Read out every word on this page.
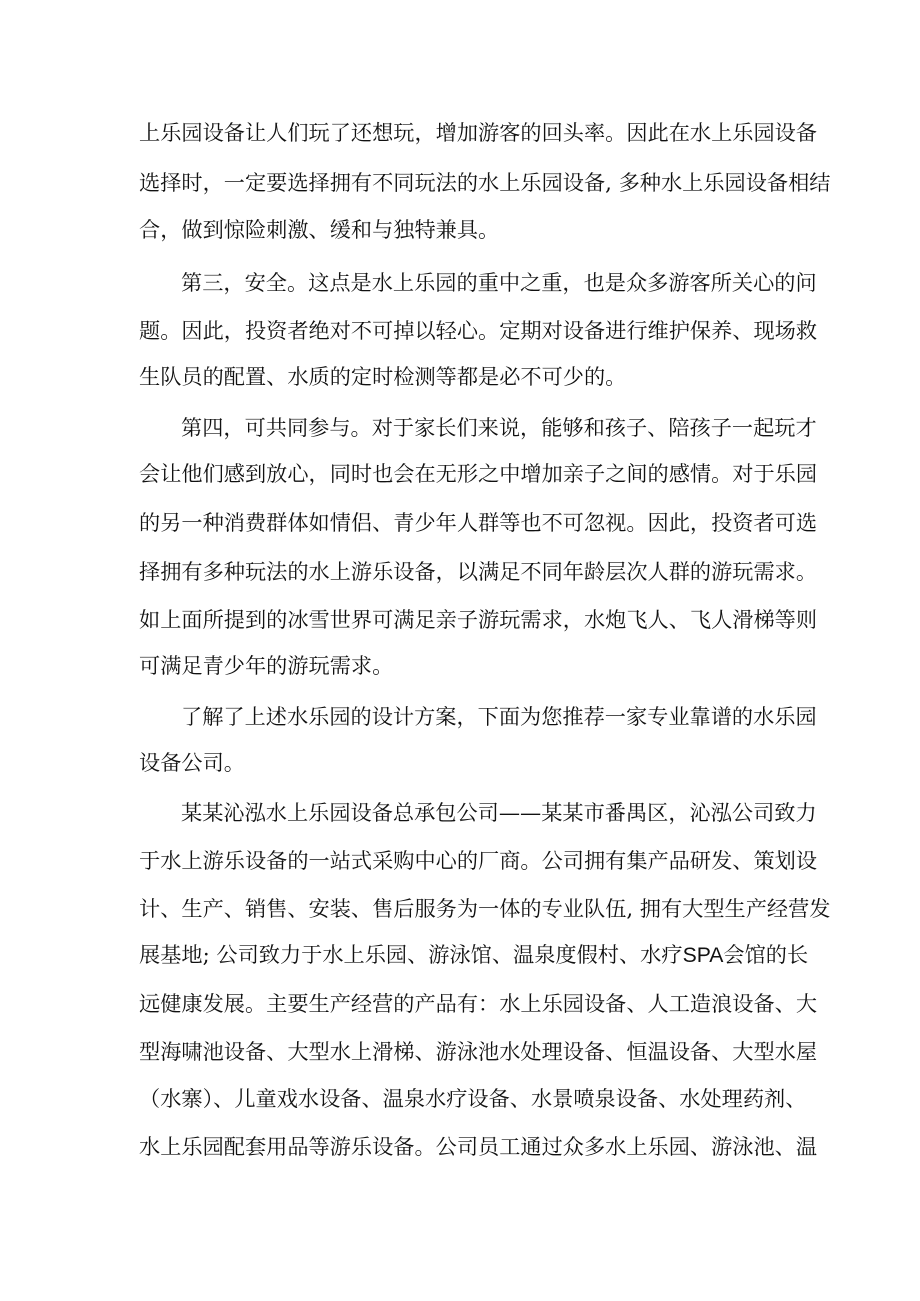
上乐园设备让人们玩了还想玩，增加游客的回头率。因此在水上乐园设备
选择时，一定要选择拥有不同玩法的水上乐园设备, 多种水上乐园设备相结
合，做到惊险刺激、缓和与独特兼具。
第三，安全。这点是水上乐园的重中之重，也是众多游客所关心的问
题。因此，投资者绝对不可掉以轻心。定期对设备进行维护保养、现场救
生队员的配置、水质的定时检测等都是必不可少的。
第四，可共同参与。对于家长们来说，能够和孩子、陪孩子一起玩才
会让他们感到放心，同时也会在无形之中增加亲子之间的感情。对于乐园
的另一种消费群体如情侣、青少年人群等也不可忽视。因此，投资者可选
择拥有多种玩法的水上游乐设备，以满足不同年龄层次人群的游玩需求。
如上面所提到的冰雪世界可满足亲子游玩需求，水炮飞人、飞人滑梯等则
可满足青少年的游玩需求。
了解了上述水乐园的设计方案，下面为您推荐一家专业靠谱的水乐园
设备公司。
某某沁泓水上乐园设备总承包公司——某某市番禺区，沁泓公司致力
于水上游乐设备的一站式采购中心的厂商。公司拥有集产品研发、策划设
计、生产、销售、安装、售后服务为一体的专业队伍, 拥有大型生产经营发
展基地; 公司致力于水上乐园、游泳馆、温泉度假村、水疗SPA会馆的长
远健康发展。主要生产经营的产品有：水上乐园设备、人工造浪设备、大
型海啸池设备、大型水上滑梯、游泳池水处理设备、恒温设备、大型水屋
（水寨）、儿童戏水设备、温泉水疗设备、水景喷泉设备、水处理药剂、
水上乐园配套用品等游乐设备。公司员工通过众多水上乐园、游泳池、温
